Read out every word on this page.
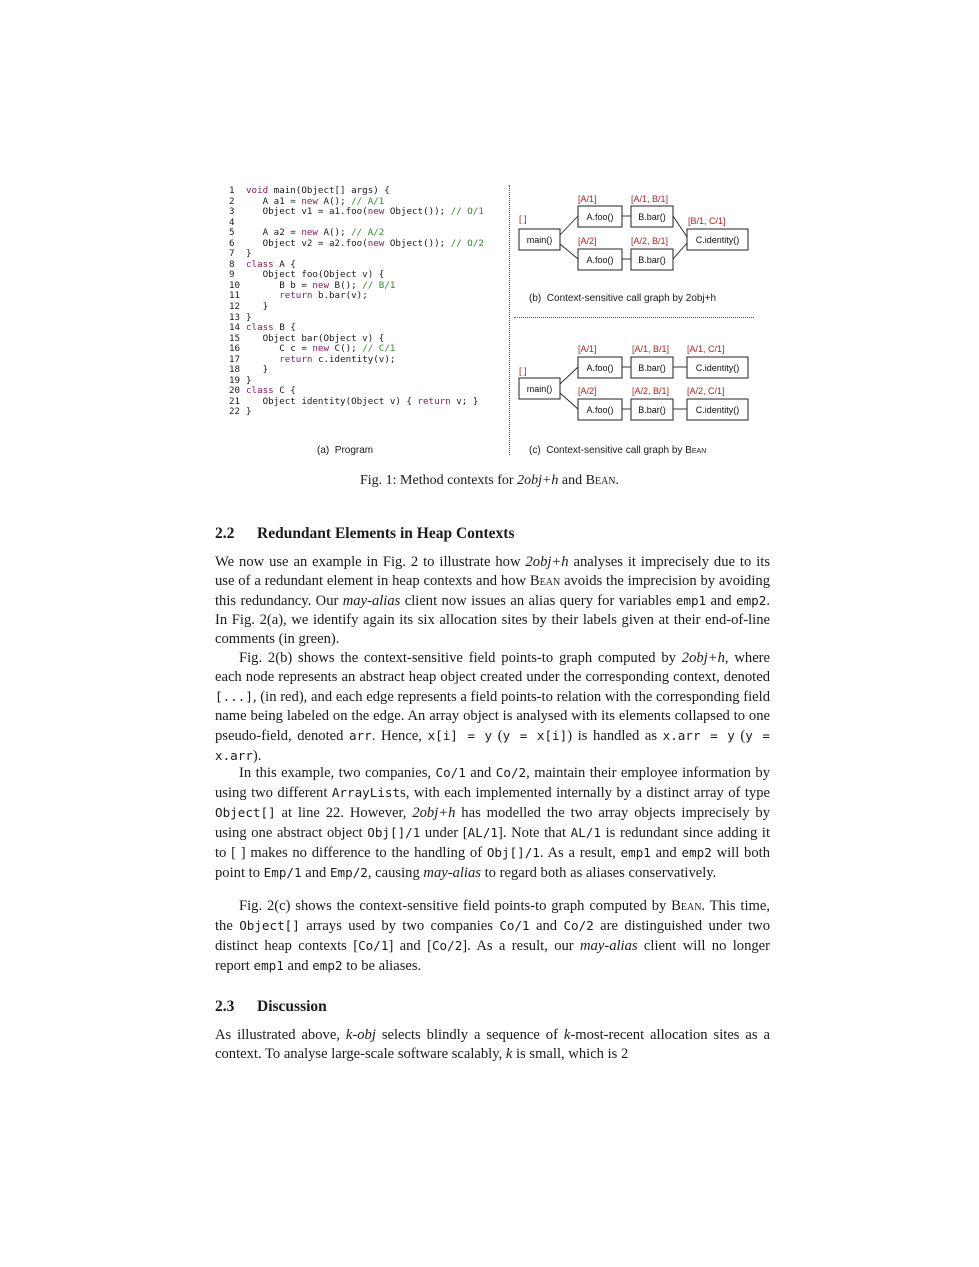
1 void main(Object[] args) {
2   A a1 = new A(); // A/1
3   Object v1 = a1.foo(new Object()); // O/1
4
5   A a2 = new A(); // A/2
6   Object v2 = a2.foo(new Object()); // O/2
7 }
8 class A {
9   Object foo(Object v) {
10      B b = new B(); // B/1
11	return b.bar(v);
12   }
13 }
14 class B {
15   Object bar(Object v) {
16      C c = new C(); // C/1
17	return c.identity(v);
18   }
19 }
20 class C {
21   Object identity(Object v) { return v; }
22 }
[ ]
main()
[A/1]
A.foo()
[A/1, B/1]
B.bar()
[A/2]
A.foo()
[A/2, B/1]
B.bar()
[B/1, C/1]
C.identity()
(b) Context-sensitive call graph by 2obj+h
[ ]
main()
[A/1]
A.foo()
[A/1, B/1]
B.bar()
[A/1, C/1]
C.identity()
[A/2]
A.foo()
[A/2, B/1]
B.bar()
[A/2, C/1]
C.identity()
(c) Context-sensitive call graph by Bean
(a) Program
Fig. 1: Method contexts for 2obj+h and Bean.
2.2 Redundant Elements in Heap Contexts
We now use an example in Fig. 2 to illustrate how 2obj+h analyses it imprecisely due to its use of a redundant element in heap contexts and how Bean avoids the imprecision by avoiding this redundancy. Our may-alias client now issues an alias query for variables emp1 and emp2. In Fig. 2(a), we identify again its six allocation sites by their labels given at their end-of-line comments (in green).
Fig. 2(b) shows the context-sensitive field points-to graph computed by 2obj+h, where each node represents an abstract heap object created under the corresponding context, denoted [...], (in red), and each edge represents a field points-to relation with the corresponding field name being labeled on the edge. An array object is analysed with its elements collapsed to one pseudo-field, denoted arr. Hence, x[i] = y (y = x[i]) is handled as x.arr = y (y = x.arr).
In this example, two companies, Co/1 and Co/2, maintain their employee information by using two different ArrayLists, with each implemented internally by a distinct array of type Object[] at line 22. However, 2obj+h has modelled the two array objects imprecisely by using one abstract object Obj[]/1 under [AL/1]. Note that AL/1 is redundant since adding it to [ ] makes no difference to the handling of Obj[]/1. As a result, emp1 and emp2 will both point to Emp/1 and Emp/2, causing may-alias to regard both as aliases conservatively.
Fig. 2(c) shows the context-sensitive field points-to graph computed by Bean. This time, the Object[] arrays used by two companies Co/1 and Co/2 are distinguished under two distinct heap contexts [Co/1] and [Co/2]. As a result, our may-alias client will no longer report emp1 and emp2 to be aliases.
2.3 Discussion
As illustrated above, k-obj selects blindly a sequence of k-most-recent allocation sites as a context. To analyse large-scale software scalably, k is small, which is 2
